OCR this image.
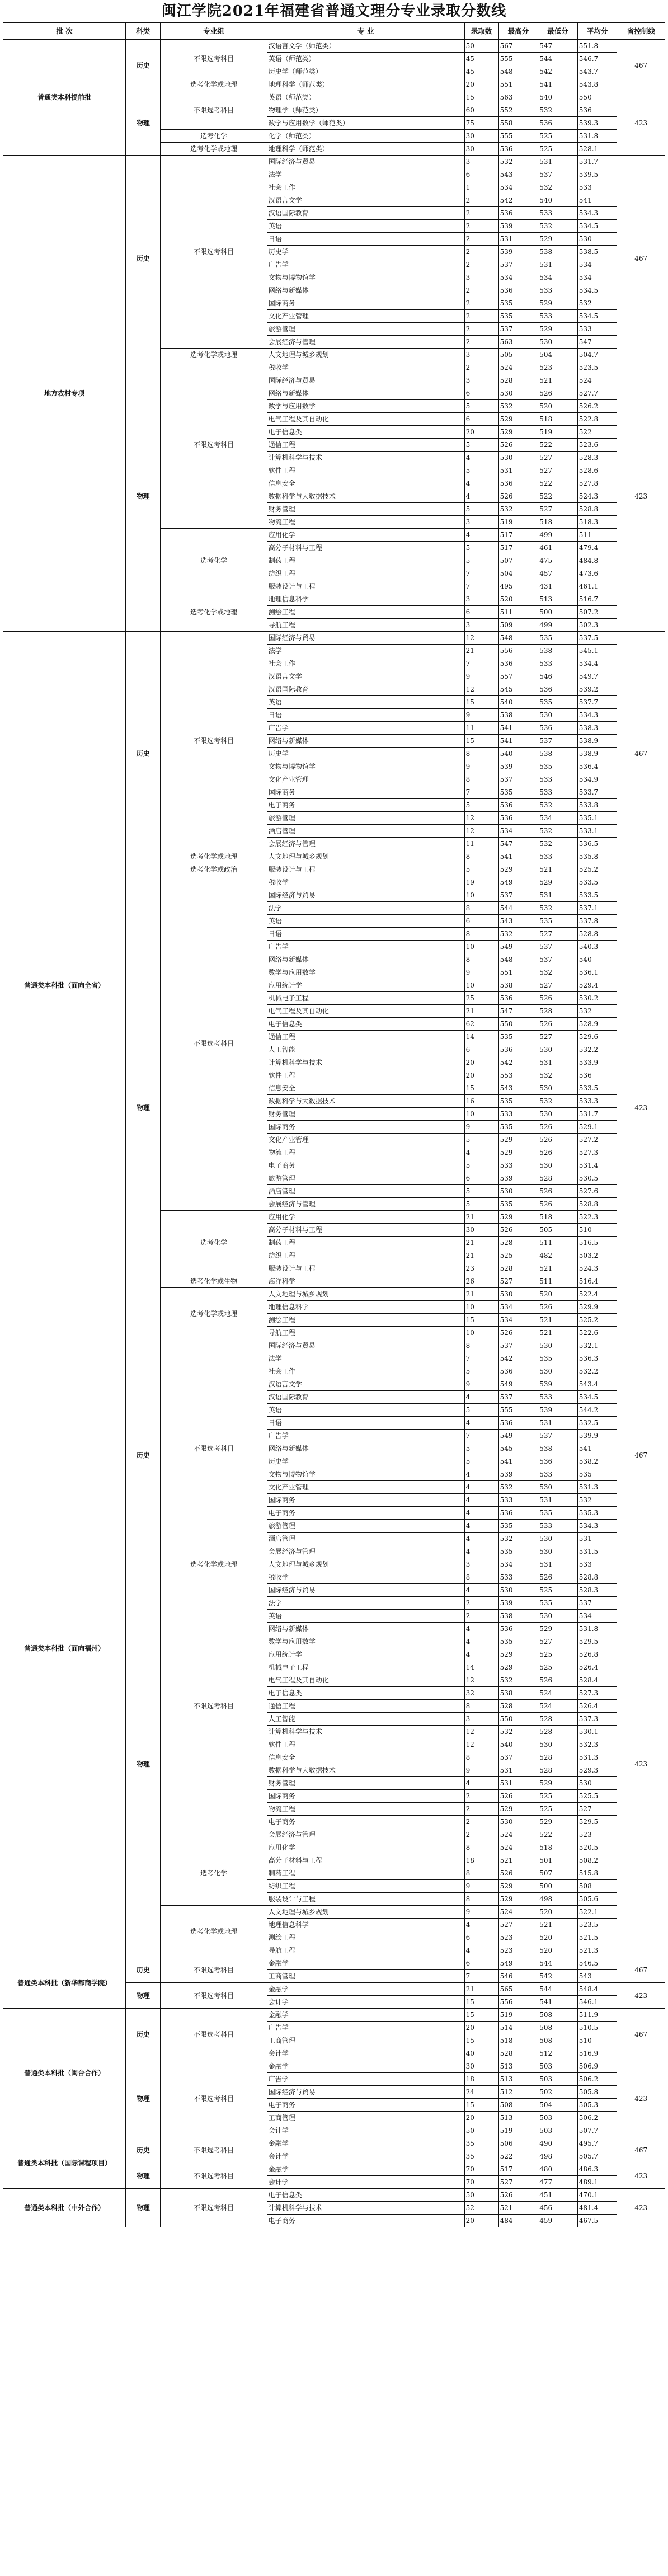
闽江学院2021年福建省普通文理分专业录取分数线
批 次	科类	专业组	专 业	录取数	最高分	最低分	平均分	省控制线
普通类本科提前批	历史	不限选考科目	汉语言文学（师范类）	50	567	547	551.8	467
			英语（师范类）	45	555	544	546.7	
			历史学（师范类）	45	548	542	543.7	
		选考化学或地理	地理科学（师范类）	20	551	541	543.8	
	物理	不限选考科目	英语（师范类）	15	563	540	550	423
			物理学（师范类）	60	552	532	536	
			数学与应用数学（师范类）	75	558	536	539.3	
		选考化学	化学（师范类）	30	555	525	531.8	
		选考化学或地理	地理科学（师范类）	30	536	525	528.1	
地方农村专项	历史	不限选考科目	国际经济与贸易	3	532	531	531.7	467
			法学	6	543	537	539.5	
			社会工作	1	534	532	533	
			汉语言文学	2	542	540	541	
			汉语国际教育	2	536	533	534.3	
			英语	2	539	532	534.5	
			日语	2	531	529	530	
			历史学	2	539	538	538.5	
			广告学	2	537	531	534	
			文物与博物馆学	3	534	534	534	
			网络与新媒体	2	536	533	534.5	
			国际商务	2	535	529	532	
			文化产业管理	2	535	533	534.5	
			旅游管理	2	537	529	533	
			会展经济与管理	2	563	530	547	
		选考化学或地理	人文地理与城乡规划	3	505	504	504.7	
	物理	不限选考科目	税收学	2	524	523	523.5	423
			国际经济与贸易	3	528	521	524	
			网络与新媒体	6	530	526	527.7	
			数学与应用数学	5	532	520	526.2	
			电气工程及其自动化	6	529	518	522.8	
			电子信息类	20	529	519	522	
			通信工程	5	526	522	523.6	
			计算机科学与技术	4	530	527	528.3	
			软件工程	5	531	527	528.6	
			信息安全	4	536	522	527.8	
			数据科学与大数据技术	4	526	522	524.3	
			财务管理	5	532	527	528.8	
			物流工程	3	519	518	518.3	
		选考化学	应用化学	4	517	499	511	
			高分子材料与工程	5	517	461	479.4	
			制药工程	5	507	475	484.8	
			纺织工程	7	504	457	473.6	
			服装设计与工程	7	495	431	461.1	
		选考化学或地理	地理信息科学	3	520	513	516.7	
			测绘工程	6	511	500	507.2	
			导航工程	3	509	499	502.3	
普通类本科批（面向全省）	历史	不限选考科目	国际经济与贸易	12	548	535	537.5	467
			法学	21	556	538	545.1	
			社会工作	7	536	533	534.4	
			汉语言文学	9	557	546	549.7	
			汉语国际教育	12	545	536	539.2	
			英语	15	540	535	537.7	
			日语	9	538	530	534.3	
			广告学	11	541	536	538.3	
			网络与新媒体	15	541	537	538.9	
			历史学	8	540	538	538.9	
			文物与博物馆学	9	539	535	536.4	
			文化产业管理	8	537	533	534.9	
			国际商务	7	535	533	533.7	
			电子商务	5	536	532	533.8	
			旅游管理	12	536	534	535.1	
			酒店管理	12	534	532	533.1	
			会展经济与管理	11	547	532	536.5	
		选考化学或地理	人文地理与城乡规划	8	541	533	535.8	
		选考化学或政治	服装设计与工程	5	529	521	525.2	
	物理	不限选考科目	税收学	19	549	529	533.5	423
			国际经济与贸易	10	537	531	533.5	
			法学	8	544	532	537.1	
			英语	6	543	535	537.8	
			日语	8	532	527	528.8	
			广告学	10	549	537	540.3	
			网络与新媒体	8	548	537	540	
			数学与应用数学	9	551	532	536.1	
			应用统计学	10	538	527	529.4	
			机械电子工程	25	536	526	530.2	
			电气工程及其自动化	21	547	528	532	
			电子信息类	62	550	526	528.9	
			通信工程	14	535	527	529.6	
			人工智能	6	536	530	532.2	
			计算机科学与技术	20	542	531	533.9	
			软件工程	20	553	532	536	
			信息安全	15	543	530	533.5	
			数据科学与大数据技术	16	535	532	533.3	
			财务管理	10	533	530	531.7	
			国际商务	9	535	526	529.1	
			文化产业管理	5	529	526	527.2	
			物流工程	4	529	526	527.3	
			电子商务	5	533	530	531.4	
			旅游管理	6	539	528	530.5	
			酒店管理	5	530	526	527.6	
			会展经济与管理	5	535	526	528.8	
		选考化学	应用化学	21	529	518	522.3	
			高分子材料与工程	30	526	505	510	
			制药工程	21	528	511	516.5	
			纺织工程	21	525	482	503.2	
			服装设计与工程	23	528	521	524.3	
		选考化学或生物	海洋科学	26	527	511	516.4	
		选考化学或地理	人文地理与城乡规划	21	530	520	522.4	
			地理信息科学	10	534	526	529.9	
			测绘工程	15	534	521	525.2	
			导航工程	10	526	521	522.6	
普通类本科批（面向福州）	历史	不限选考科目	国际经济与贸易	8	537	530	532.1	467
			法学	7	542	535	536.3	
			社会工作	5	536	530	532.2	
			汉语言文学	9	549	539	543.4	
			汉语国际教育	4	537	533	534.5	
			英语	5	555	539	544.2	
			日语	4	536	531	532.5	
			广告学	7	549	537	539.9	
			网络与新媒体	5	545	538	541	
			历史学	5	541	536	538.2	
			文物与博物馆学	4	539	533	535	
			文化产业管理	4	532	530	531.3	
			国际商务	4	533	531	532	
			电子商务	4	536	535	535.3	
			旅游管理	4	535	533	534.3	
			酒店管理	4	532	530	531	
			会展经济与管理	4	535	530	531.5	
		选考化学或地理	人文地理与城乡规划	3	534	531	533	
	物理	不限选考科目	税收学	8	533	526	528.8	423
			国际经济与贸易	4	530	525	528.3	
			法学	2	539	535	537	
			英语	2	538	530	534	
			网络与新媒体	4	536	529	531.8	
			数学与应用数学	4	535	527	529.5	
			应用统计学	4	529	525	526.8	
			机械电子工程	14	529	525	526.4	
			电气工程及其自动化	12	532	526	528.4	
			电子信息类	32	538	524	527.3	
			通信工程	8	528	524	526.4	
			人工智能	3	550	528	537.3	
			计算机科学与技术	12	532	528	530.1	
			软件工程	12	540	530	532.3	
			信息安全	8	537	528	531.3	
			数据科学与大数据技术	9	531	528	529.3	
			财务管理	4	531	529	530	
			国际商务	2	526	525	525.5	
			物流工程	2	529	525	527	
			电子商务	2	530	529	529.5	
			会展经济与管理	2	524	522	523	
		选考化学	应用化学	8	524	518	520.5	
			高分子材料与工程	18	521	501	508.2	
			制药工程	8	526	507	515.8	
			纺织工程	9	529	500	508	
			服装设计与工程	8	529	498	505.6	
		选考化学或地理	人文地理与城乡规划	9	524	520	522.1	
			地理信息科学	4	527	521	523.5	
			测绘工程	6	523	520	521.5	
			导航工程	4	523	520	521.3	
普通类本科批（新华都商学院）	历史	不限选考科目	金融学	6	549	544	546.5	467
			工商管理	7	546	542	543	
	物理	不限选考科目	金融学	21	565	544	548.4	423
			会计学	15	556	541	546.1	
普通类本科批（闽台合作）	历史	不限选考科目	金融学	15	519	508	511.9	467
			广告学	20	514	508	510.5	
			工商管理	15	518	508	510	
			会计学	40	528	512	516.9	
	物理	不限选考科目	金融学	30	513	503	506.9	423
			广告学	18	513	503	506.2	
			国际经济与贸易	24	512	502	505.8	
			电子商务	15	508	504	505.3	
			工商管理	20	513	503	506.2	
			会计学	50	519	503	507.7	
普通类本科批（国际课程项目）	历史	不限选考科目	金融学	35	506	490	495.7	467
			会计学	35	522	498	505.7	
	物理	不限选考科目	金融学	70	517	480	486.3	423
			会计学	70	527	477	489.1	
普通类本科批（中外合作）	物理	不限选考科目	电子信息类	50	526	451	470.1	423
			计算机科学与技术	52	521	456	481.4	
			电子商务	20	484	459	467.5	
